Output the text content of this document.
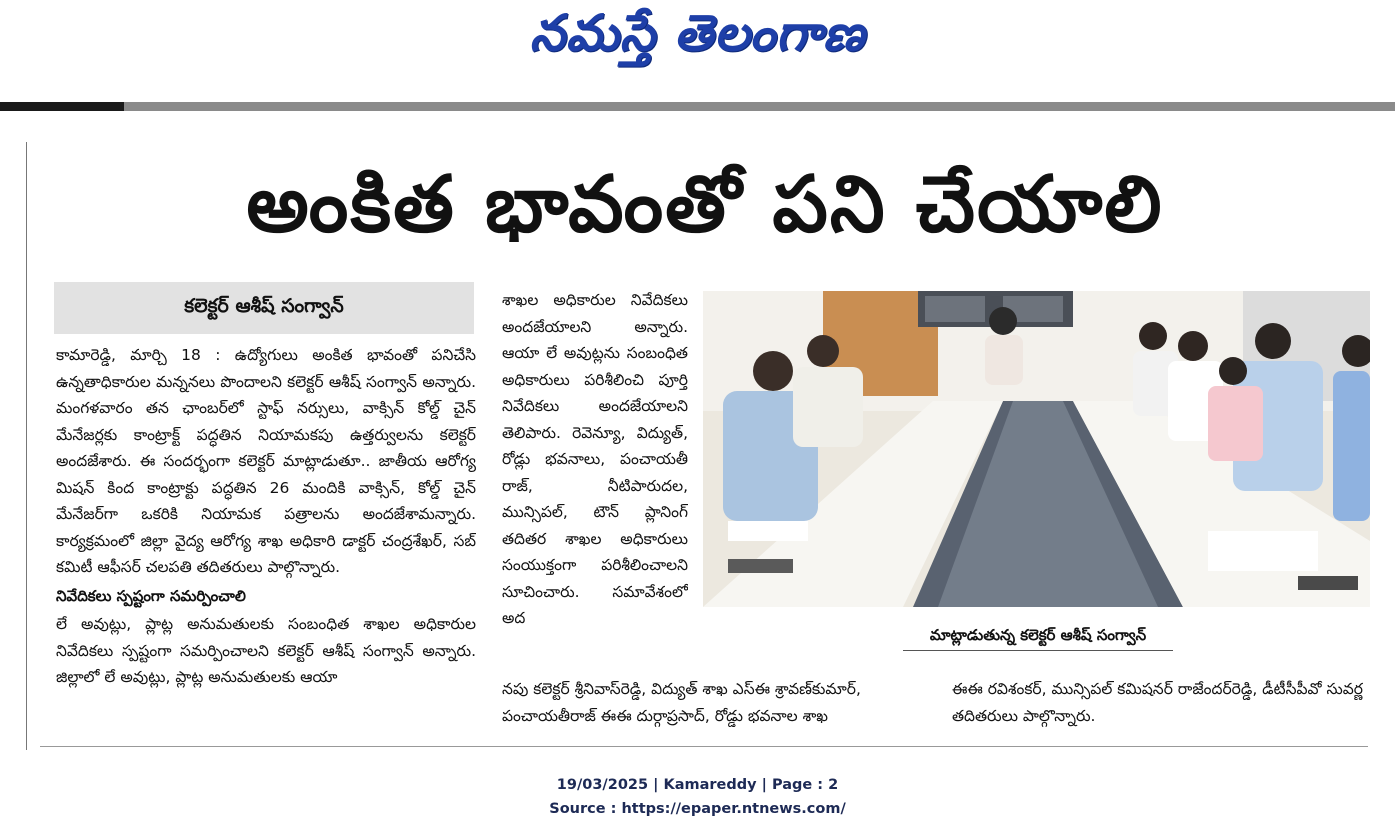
నమస్తే తెలంగాణ
అంకిత భావంతో పని చేయాలి
కలెక్టర్ ఆశీష్ సంగ్వాన్

కామారెడ్డి, మార్చి 18 : ఉద్యోగులు అంకిత భావంతో పనిచేసి ఉన్నతాధికారుల మన్ననలు పొందాలని కలెక్టర్ ఆశీష్ సంగ్వాన్ అన్నారు. మంగళవారం తన ఛాంబర్‌లో స్టాఫ్ నర్సులు, వాక్సిన్ కోల్డ్ చైన్ మేనేజర్లకు కాంట్రాక్ట్ పద్ధతిన నియామకపు ఉత్తర్వులను కలెక్టర్ అందజేశారు. ఈ సందర్భంగా కలెక్టర్ మాట్లాడుతూ.. జాతీయ ఆరోగ్య మిషన్ కింద కాంట్రాక్టు పద్ధతిన 26 మందికి వాక్సిన్, కోల్డ్ చైన్ మేనేజర్‌గా ఒకరికి నియామక పత్రాలను అందజేశామన్నారు. కార్యక్రమంలో జిల్లా వైద్య ఆరోగ్య శాఖ అధికారి డాక్టర్ చంద్రశేఖర్, సబ్ కమిటీ ఆఫీసర్ చలపతి తదితరులు పాల్గొన్నారు.

నివేదికలు స్పష్టంగా సమర్పించాలి

లే అవుట్లు, ప్లాట్ల అనుమతులకు సంబంధిత శాఖల అధికారుల నివేదికలు స్పష్టంగా సమర్పించాలని కలెక్టర్ ఆశీష్ సంగ్వాన్ అన్నారు. జిల్లాలో లే అవుట్లు, ప్లాట్ల అనుమతులకు ఆయా

శాఖల అధికారుల నివేదికలు అందజేయాలని అన్నారు. ఆయా లే అవుట్లను సంబంధిత అధికారులు పరిశీలించి పూర్తి నివేదికలు అందజేయాలని తెలిపారు. రెవెన్యూ, విద్యుత్, రోడ్లు భవనాలు, పంచాయతీ రాజ్, నీటిపారుదల, మున్సిపల్, టౌన్ ప్లానింగ్ తదితర శాఖల అధికారులు సంయుక్తంగా పరిశీలించాలని సూచించారు. సమావేశంలో అద

మాట్లాడుతున్న కలెక్టర్ ఆశీష్ సంగ్వాన్
నపు కలెక్టర్ శ్రీనివాస్‌రెడ్డి, విద్యుత్ శాఖ ఎస్‌ఈ శ్రావణ్‌కుమార్, పంచాయతీరాజ్ ఈఈ దుర్గాప్రసాద్, రోడ్డు భవనాల శాఖ
ఈఈ రవిశంకర్, మున్సిపల్ కమిషనర్ రాజేందర్‌రెడ్డి, డీటీసీపీవో సువర్ణ తదితరులు పాల్గొన్నారు.
19/03/2025 | Kamareddy | Page : 2
Source : https://epaper.ntnews.com/
